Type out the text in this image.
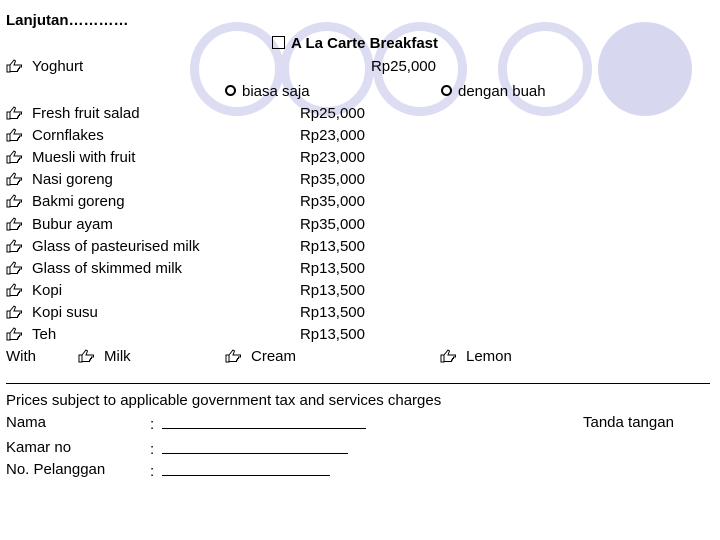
Lanjutan…………
A La Carte Breakfast
Yoghurt	Rp25,000
biasa saja	dengan buah
Fresh fruit salad	Rp25,000
Cornflakes	Rp23,000
Muesli with fruit	Rp23,000
Nasi goreng	Rp35,000
Bakmi goreng	Rp35,000
Bubur ayam	Rp35,000
Glass of pasteurised milk	Rp13,500
Glass of skimmed milk	Rp13,500
Kopi	Rp13,500
Kopi susu	Rp13,500
Teh	Rp13,500
With	Milk	Cream	Lemon
Prices subject to applicable government tax and services charges
Nama	:	Tanda tangan
Kamar no	:
No. Pelanggan	:
